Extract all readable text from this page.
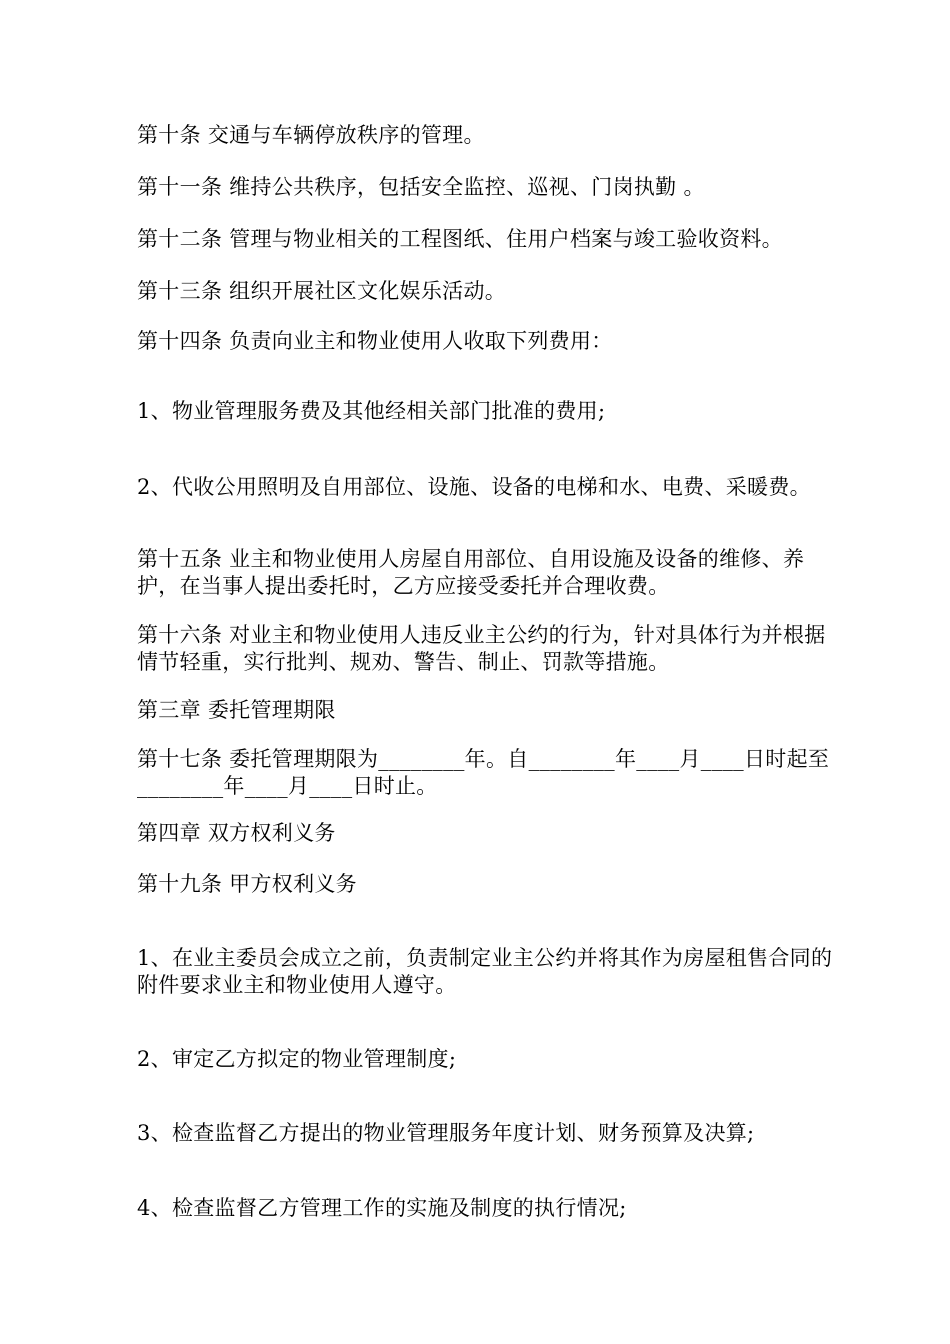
第十条 交通与车辆停放秩序的管理。

第十一条 维持公共秩序，包括安全监控、巡视、门岗执勤 。

第十二条 管理与物业相关的工程图纸、住用户档案与竣工验收资料。

第十三条 组织开展社区文化娱乐活动。

第十四条 负责向业主和物业使用人收取下列费用：

1、物业管理服务费及其他经相关部门批准的费用;

2、代收公用照明及自用部位、设施、设备的电梯和水、电费、采暖费。

第十五条 业主和物业使用人房屋自用部位、自用设施及设备的维修、养护，在当事人提出委托时，乙方应接受委托并合理收费。

第十六条 对业主和物业使用人违反业主公约的行为，针对具体行为并根据情节轻重，实行批判、规劝、警告、制止、罚款等措施。

第三章 委托管理期限

第十七条 委托管理期限为________年。自________年____月____日时起至________年____月____日时止。

第四章 双方权利义务

第十九条 甲方权利义务

1、在业主委员会成立之前，负责制定业主公约并将其作为房屋租售合同的附件要求业主和物业使用人遵守。

2、审定乙方拟定的物业管理制度;

3、检查监督乙方提出的物业管理服务年度计划、财务预算及决算;

4、检查监督乙方管理工作的实施及制度的执行情况;
